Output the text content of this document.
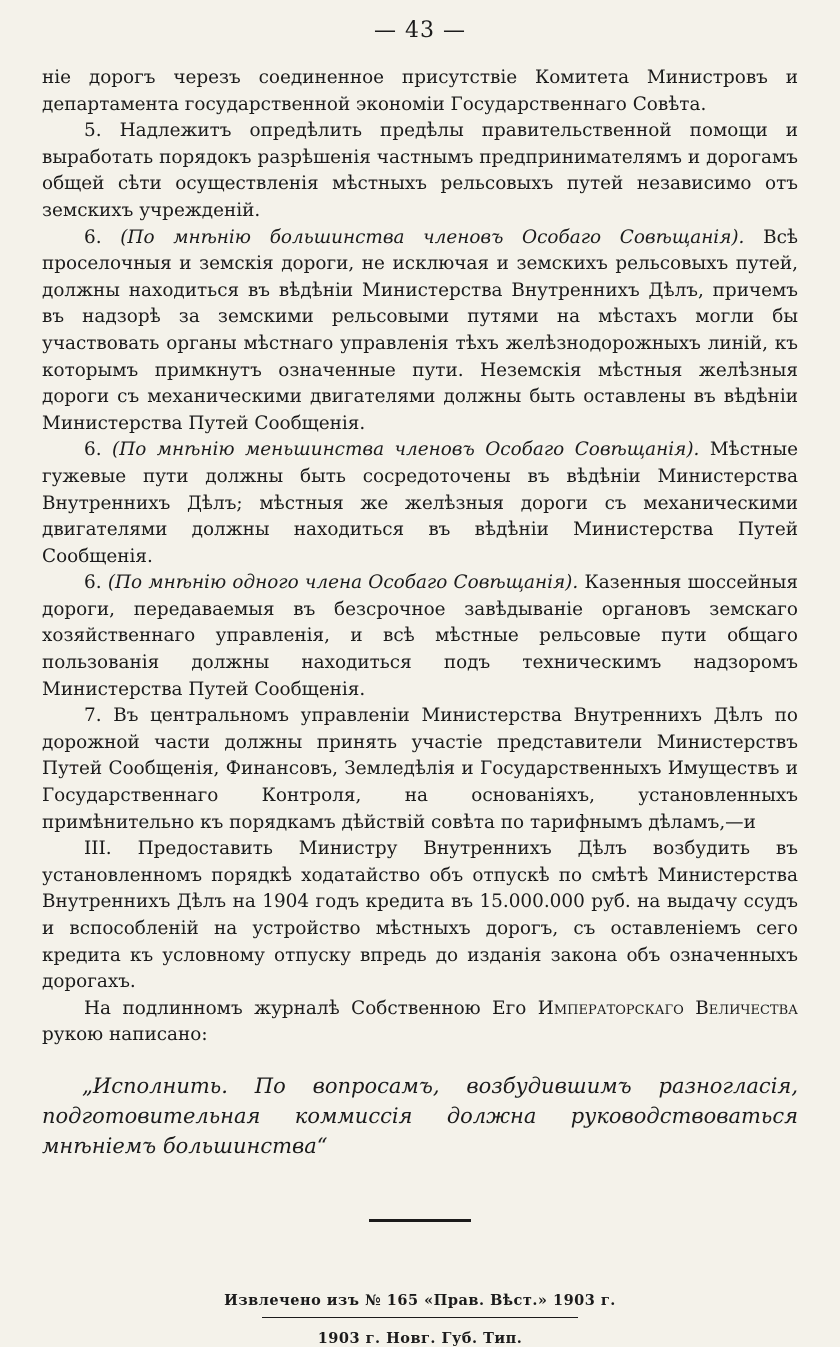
— 43 —

ніе дорогъ черезъ соединенное присутствіе Комитета Министровъ и департамента государственной экономіи Государственнаго Совѣта.

5. Надлежитъ опредѣлить предѣлы правительственной помощи и выработать порядокъ разрѣшенія частнымъ предпринимателямъ и дорогамъ общей сѣти осуществленія мѣстныхъ рельсовыхъ путей независимо отъ земскихъ учрежденій.

6. (По мнѣнію большинства членовъ Особаго Совѣщанія). Всѣ проселочныя и земскія дороги, не исключая и земскихъ рельсовыхъ путей, должны находиться въ вѣдѣніи Министерства Внутреннихъ Дѣлъ, причемъ въ надзорѣ за земскими рельсовыми путями на мѣстахъ могли бы участвовать органы мѣстнаго управленія тѣхъ желѣзнодорожныхъ линій, къ которымъ примкнутъ означенные пути. Неземскія мѣстныя желѣзныя дороги съ механическими двигателями должны быть оставлены въ вѣдѣніи Министерства Путей Сообщенія.

6. (По мнѣнію меньшинства членовъ Особаго Совѣщанія). Мѣстные гужевые пути должны быть сосредоточены въ вѣдѣніи Министерства Внутреннихъ Дѣлъ; мѣстныя же желѣзныя дороги съ механическими двигателями должны находиться въ вѣдѣніи Министерства Путей Сообщенія.

6. (По мнѣнію одного члена Особаго Совѣщанія). Казенныя шоссейныя дороги, передаваемыя въ безсрочное завѣдываніе органовъ земскаго хозяйственнаго управленія, и всѣ мѣстные рельсовые пути общаго пользованія должны находиться подъ техническимъ надзоромъ Министерства Путей Сообщенія.

7. Въ центральномъ управленіи Министерства Внутреннихъ Дѣлъ по дорожной части должны принять участіе представители Министерствъ Путей Сообщенія, Финансовъ, Земледѣлія и Государственныхъ Имуществъ и Государственнаго Контроля, на основаніяхъ, установленныхъ примѣнительно къ порядкамъ дѣйствій совѣта по тарифнымъ дѣламъ,—и

III. Предоставить Министру Внутреннихъ Дѣлъ возбудить въ установленномъ порядкѣ ходатайство объ отпускѣ по смѣтѣ Министерства Внутреннихъ Дѣлъ на 1904 годъ кредита въ 15.000.000 руб. на выдачу ссудъ и вспособленій на устройство мѣстныхъ дорогъ, съ оставленіемъ сего кредита къ условному отпуску впредь до изданія закона объ означенныхъ дорогахъ.

На подлинномъ журналѣ Собственною Его Императорскаго Величества рукою написано:

„Исполнить. По вопросамъ, возбудившимъ разногласія, подготовительная коммиссія должна руководствоваться мнѣніемъ большинства“

Извлечено изъ № 165 «Прав. Вѣст.» 1903 г.
1903 г. Новг. Губ. Тип.
